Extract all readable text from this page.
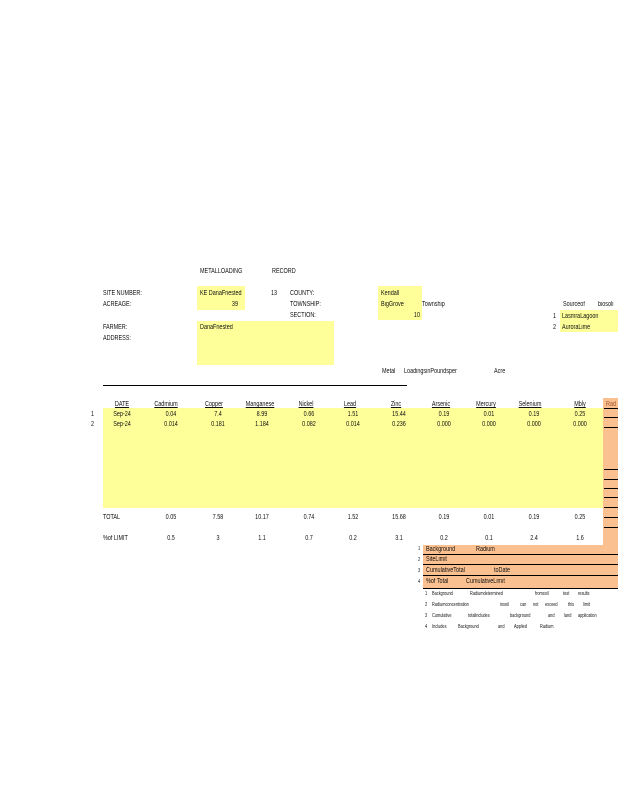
METALLOADING	RECORD
SITE NUMBER:	KE DanaFriested	13
ACREAGE:	39
COUNTY:	Kendall
TOWNSHIP:	BigGrove	Township
SECTION:	10
FARMER:	DanaFriested
ADDRESS:
Sourceof biosoli
1 LasmraLagoon
2 AuroraLime
Metal LoadingsinPoundsper	Acre
DATE	Cadmium	Copper	Manganese	Nickel	Lead	Zinc	Arsenic	Mercury	Selenium	Mbly	Rad
1	Sep-24	0.04	7.4	8.99	0.66	1.51	15.44	0.19	0.01	0.19	0.25
2	Sep-24	0.014	0.181	1.184	0.082	0.014	0.236	0.000	0.000	0.000	0.000
TOTAL	0.05	7.58	10.17	0.74	1.52	15.68	0.19	0.01	0.19	0.25
%of LIMIT	0.5	3	1.1	0.7	0.2	3.1	0.2	0.1	2.4	1.6
1 Background	Radium
2 SiteLimit
3 CumulativeTotal	toDate
4 %of Total	CumulativeLimit
1 Background	Radiumdetermined	fromsoil	test results
2 Radiumconcentration	insoil can not exceed this limit
3 Cumulative	totalincludes	background	and land application
4 Includes Background	and Applied	Radium
